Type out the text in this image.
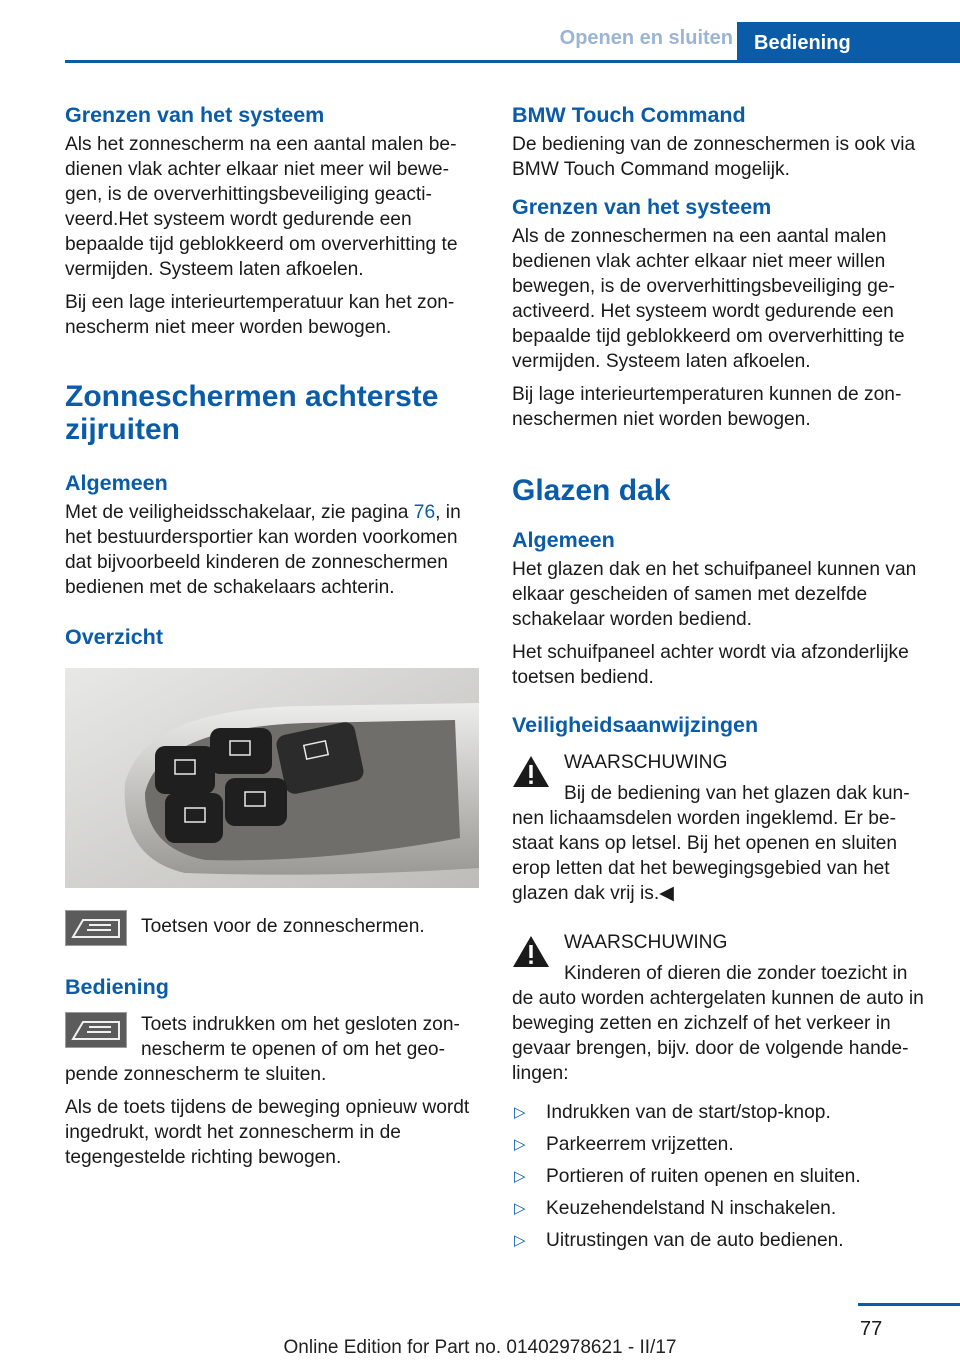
Openen en sluiten	Bediening
Grenzen van het systeem

Als het zonnescherm na een aantal malen bedienen vlak achter elkaar niet meer wil bewegen, is de oververhittingsbeveiliging geactiveerd.Het systeem wordt gedurende een bepaalde tijd geblokkeerd om oververhitting te vermijden. Systeem laten afkoelen.

Bij een lage interieurtemperatuur kan het zonnescherm niet meer worden bewogen.

Zonneschermen achterste zijruiten
Algemeen

Met de veiligheidsschakelaar, zie pagina 76, in het bestuurdersportier kan worden voorkomen dat bijvoorbeeld kinderen de zonneschermen bedienen met de schakelaars achterin.

Overzicht

Toetsen voor de zonneschermen.

Bediening

Toets indrukken om het gesloten zonnescherm te openen of om het geopende zonnescherm te sluiten.

Als de toets tijdens de beweging opnieuw wordt ingedrukt, wordt het zonnescherm in de tegengestelde richting bewogen.

BMW Touch Command

De bediening van de zonneschermen is ook via BMW Touch Command mogelijk.

Grenzen van het systeem

Als de zonneschermen na een aantal malen bedienen vlak achter elkaar niet meer willen bewegen, is de oververhittingsbeveiliging geactiveerd. Het systeem wordt gedurende een bepaalde tijd geblokkeerd om oververhitting te vermijden. Systeem laten afkoelen.

Bij lage interieurtemperaturen kunnen de zonneschermen niet worden bewogen.

Glazen dak
Algemeen

Het glazen dak en het schuifpaneel kunnen van elkaar gescheiden of samen met dezelfde schakelaar worden bediend.

Het schuifpaneel achter wordt via afzonderlijke toetsen bediend.

Veiligheidsaanwijzingen

WAARSCHUWING

Bij de bediening van het glazen dak kunnen lichaamsdelen worden ingeklemd. Er bestaat kans op letsel. Bij het openen en sluiten erop letten dat het bewegingsgebied van het glazen dak vrij is.◀

WAARSCHUWING

Kinderen of dieren die zonder toezicht in de auto worden achtergelaten kunnen de auto in beweging zetten en zichzelf of het verkeer in gevaar brengen, bijv. door de volgende handelingen:

▷ Indrukken van de start/stop-knop.
▷ Parkeerrem vrijzetten.
▷ Portieren of ruiten openen en sluiten.
▷ Keuzehendelstand N inschakelen.
▷ Uitrustingen van de auto bedienen.
77
Online Edition for Part no. 01402978621 - II/17
